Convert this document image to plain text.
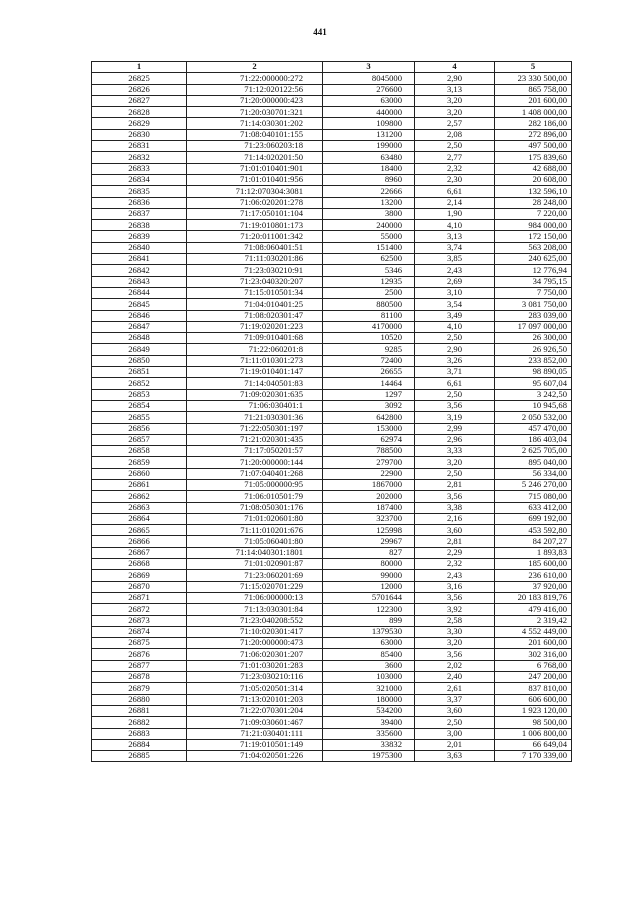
441
1	2	3	4	5
26825	71:22:000000:272	8045000	2,90	23 330 500,00
26826	71:12:020122:56	276600	3,13	865 758,00
26827	71:20:000000:423	63000	3,20	201 600,00
26828	71:20:030701:321	440000	3,20	1 408 000,00
26829	71:14:030301:202	109800	2,57	282 186,00
26830	71:08:040101:155	131200	2,08	272 896,00
26831	71:23:060203:18	199000	2,50	497 500,00
26832	71:14:020201:50	63480	2,77	175 839,60
26833	71:01:010401:901	18400	2,32	42 688,00
26834	71:01:010401:956	8960	2,30	20 608,00
26835	71:12:070304:3081	22666	6,61	132 596,10
26836	71:06:020201:278	13200	2,14	28 248,00
26837	71:17:050101:104	3800	1,90	7 220,00
26838	71:19:010801:173	240000	4,10	984 000,00
26839	71:20:011001:342	55000	3,13	172 150,00
26840	71:08:060401:51	151400	3,74	563 208,00
26841	71:11:030201:86	62500	3,85	240 625,00
26842	71:23:030210:91	5346	2,43	12 776,94
26843	71:23:040320:207	12935	2,69	34 795,15
26844	71:15:010501:34	2500	3,10	7 750,00
26845	71:04:010401:25	880500	3,54	3 081 750,00
26846	71:08:020301:47	81100	3,49	283 039,00
26847	71:19:020201:223	4170000	4,10	17 097 000,00
26848	71:09:010401:68	10520	2,50	26 300,00
26849	71:22:060201:8	9285	2,90	26 926,50
26850	71:11:010301:273	72400	3,26	233 852,00
26851	71:19:010401:147	26655	3,71	98 890,05
26852	71:14:040501:83	14464	6,61	95 607,04
26853	71:09:020301:635	1297	2,50	3 242,50
26854	71:06:030401:1	3092	3,56	10 945,68
26855	71:21:030301:36	642800	3,19	2 050 532,00
26856	71:22:050301:197	153000	2,99	457 470,00
26857	71:21:020301:435	62974	2,96	186 403,04
26858	71:17:050201:57	788500	3,33	2 625 705,00
26859	71:20:000000:144	279700	3,20	895 040,00
26860	71:07:040401:268	22900	2,50	56 334,00
26861	71:05:000000:95	1867000	2,81	5 246 270,00
26862	71:06:010501:79	202000	3,56	715 080,00
26863	71:08:050301:176	187400	3,38	633 412,00
26864	71:01:020601:80	323700	2,16	699 192,00
26865	71:11:010201:676	125998	3,60	453 592,80
26866	71:05:060401:80	29967	2,81	84 207,27
26867	71:14:040301:1801	827	2,29	1 893,83
26868	71:01:020901:87	80000	2,32	185 600,00
26869	71:23:060201:69	99000	2,43	236 610,00
26870	71:15:020701:229	12000	3,16	37 920,00
26871	71:06:000000:13	5701644	3,56	20 183 819,76
26872	71:13:030301:84	122300	3,92	479 416,00
26873	71:23:040208:552	899	2,58	2 319,42
26874	71:10:020301:417	1379530	3,30	4 552 449,00
26875	71:20:000000:473	63000	3,20	201 600,00
26876	71:06:020301:207	85400	3,56	302 316,00
26877	71:01:030201:283	3600	2,02	6 768,00
26878	71:23:030210:116	103000	2,40	247 200,00
26879	71:05:020501:314	321000	2,61	837 810,00
26880	71:13:020101:203	180000	3,37	606 600,00
26881	71:22:070301:204	534200	3,60	1 923 120,00
26882	71:09:030601:467	39400	2,50	98 500,00
26883	71:21:030401:111	335600	3,00	1 006 800,00
26884	71:19:010501:149	33832	2,01	66 649,04
26885	71:04:020501:226	1975300	3,63	7 170 339,00
